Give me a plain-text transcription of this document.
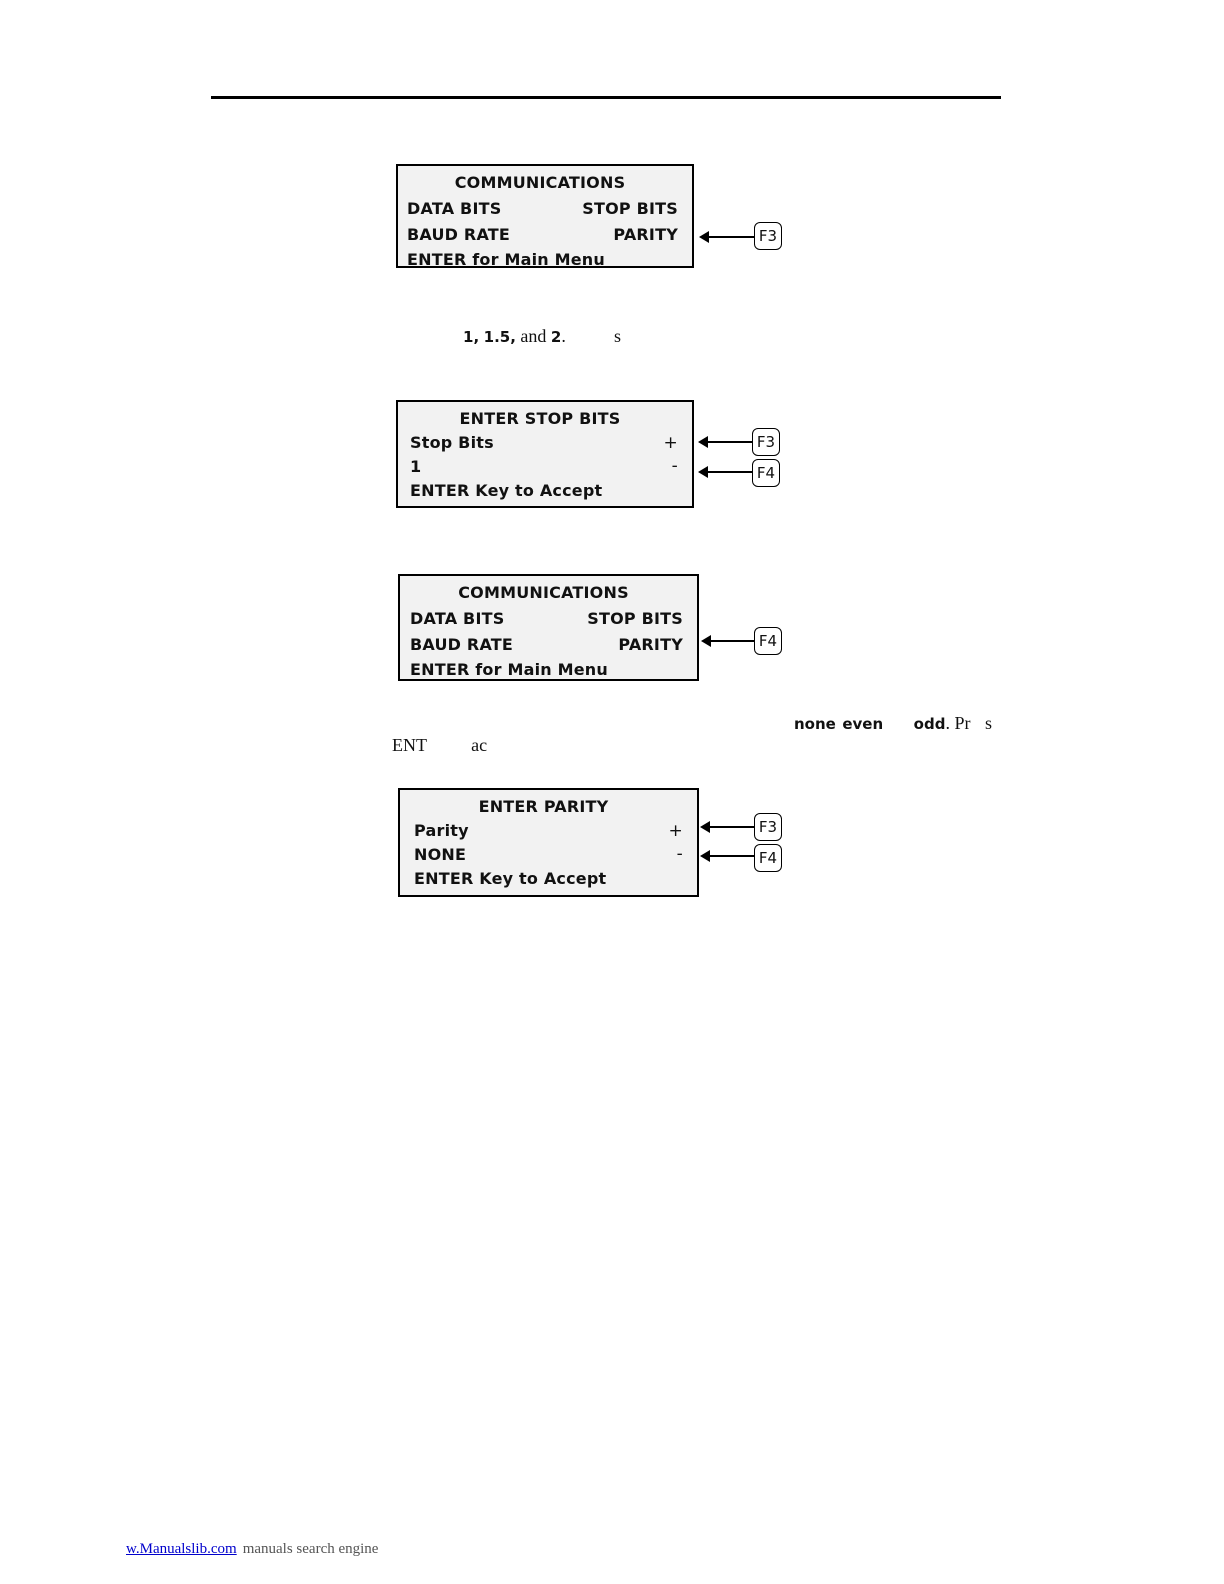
COMMUNICATIONS
DATA BITS	STOP BITS
BAUD RATE	PARITY
ENTER for Main Menu
F3
1, 1.5, and 2.	s
ENTER STOP BITS
Stop Bits	+
1	-
ENTER Key to Accept
F3
F4
COMMUNICATIONS
DATA BITS	STOP BITS
BAUD RATE	PARITY
ENTER for Main Menu
F4
none even odd. Pr s
ENT ac
ENTER PARITY
Parity	+
NONE	-
ENTER Key to Accept
F3
F4
w.Manualslib.com manuals search engine
